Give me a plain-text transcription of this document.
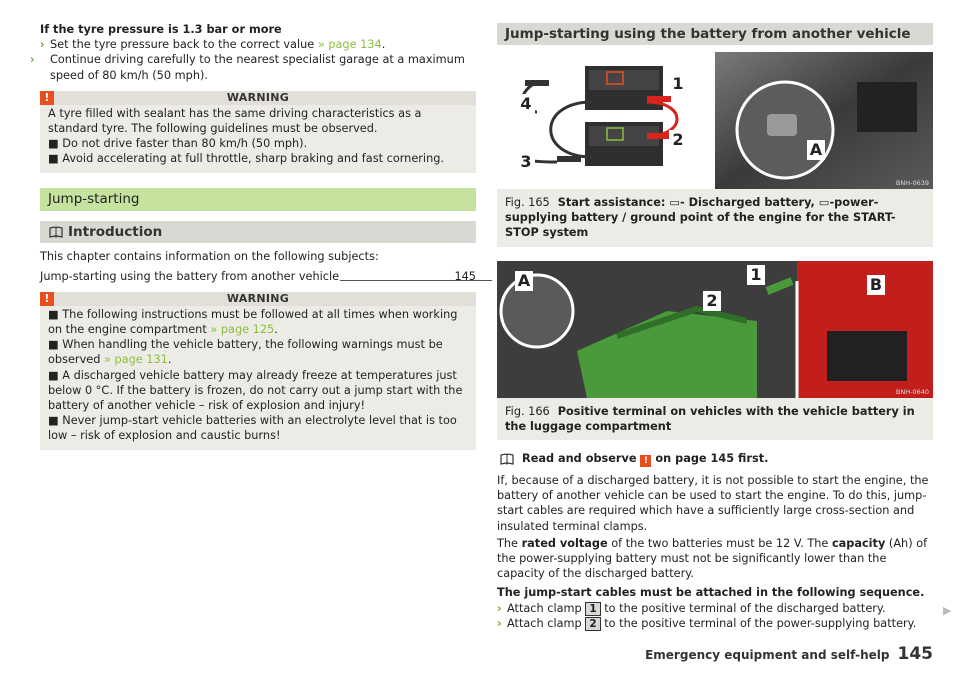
If the tyre pressure is 1.3 bar or more

› Set the tyre pressure back to the correct value » page 134.

› Continue driving carefully to the nearest specialist garage at a maximum speed of 80 km/h (50 mph).

!	WARNING

A tyre filled with sealant has the same driving characteristics as a standard tyre. The following guidelines must be observed.

■ Do not drive faster than 80 km/h (50 mph).

■ Avoid accelerating at full throttle, sharp braking and fast cornering.

Jump-starting
Introduction

This chapter contains information on the following subjects:

Jump-starting using the battery from another vehicle	145
!	WARNING

■ The following instructions must be followed at all times when working on the engine compartment » page 125.

■ When handling the vehicle battery, the following warnings must be observed » page 131.

■ A discharged vehicle battery may already freeze at temperatures just below 0 °C. If the battery is frozen, do not carry out a jump start with the battery of another vehicle – risk of explosion and injury!

■ Never jump-start vehicle batteries with an electrolyte level that is too low – risk of explosion and caustic burns!

Jump-starting using the battery from another vehicle
1
2
3
4
A
BNH-0639
Fig. 165 Start assistance: ▭- Discharged battery, ▭-power-supplying battery / ground point of the engine for the START-STOP system
A	1
2
B
BNH-0640
Fig. 166 Positive terminal on vehicles with the vehicle battery in the luggage compartment

Read and observe ! on page 145 first.

If, because of a discharged battery, it is not possible to start the engine, the battery of another vehicle can be used to start the engine. To do this, jump-start cables are required which have a sufficiently large cross-section and insulated terminal clamps.

The rated voltage of the two batteries must be 12 V. The capacity (Ah) of the power-supplying battery must not be significantly lower than the capacity of the discharged battery.

The jump-start cables must be attached in the following sequence.

› Attach clamp 1 to the positive terminal of the discharged battery.

› Attach clamp 2 to the positive terminal of the power-supplying battery.

▶
Emergency equipment and self-help 145
